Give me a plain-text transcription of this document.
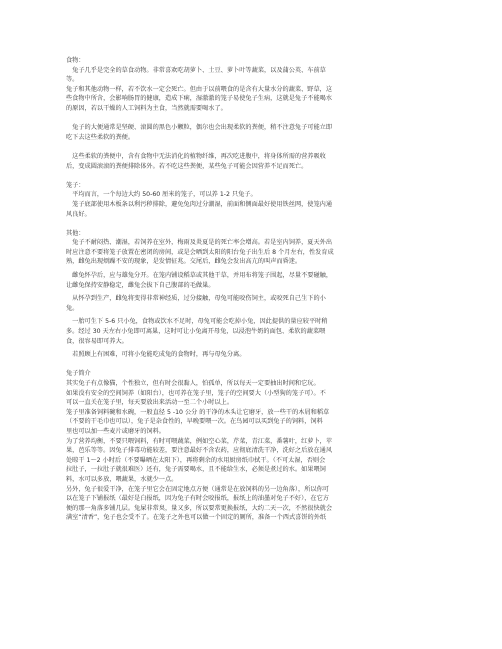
食物：
　兔子几乎是完全的草食动物。非常喜欢吃胡萝卜、土豆、萝卜叶等蔬菜，以及蒲公英、车前草
等。
兔子和其他动物一样，若不饮水一定会死亡。但由于以前喂食的是含有大量水分的蔬菜、野草，这
些食物中所含，会影响肠胃的健康，造成下痢，湿澈澈的笼子易使兔子生病，这就是兔子不能喝水
的原因，若以干燥的人工饲料为主食，当然就需要喝水了。
　兔子的大便通常是坚硬、滚圆的黑色小颗粒，偶尔也会出现柔软的粪便，稍不注意兔子可能立即
吃下去这些柔软的粪便。
　这些柔软的粪便中，含有食物中无法消化的植物纤维，再次吃进腹中，将身体所需的营养吸收
后，变成圆滚滚的粪便排除体外。若不吃这些粪便，某些兔子可能会因营养不足而死亡。
笼子：
　平均而言，一个每边大约 50-60 厘米的笼子，可以养 1-2 只兔子。
　笼子底部使用木板条以利污秽排除，避免兔肉过分潮湿，前面和侧面最好使用铁丝网，使笼内通
风良好。
其他：
　兔子不耐闷热、潮湿，若饲养在室外，梅雨及炎夏是的死亡率会增高。若是室内饲养，夏天外出
时应注意不要将笼子放置在密闭的房间，或是会晒到太阳的阳台兔子出生后 8 个月左右，性发育成
熟，雌兔出现烦躁不安的现象，是发情征兆。交尾后，雌兔会发出高亢的叫声而昏迷。
　雌兔怀孕后，应与雄兔分开。在笼内铺设稻草或其他干草，并用布将笼子围起，尽量不要碰触，
让雌兔保持安静稳定，雌兔会拔下自己腹部的毛做巢。
　从怀孕到生产，雌兔将变得非常神经质，过分接触，母兔可能咬伤饲主，或咬死自己生下的小
兔。
　一胎可生下 5-6 只小兔，食物或饮水不足时，母兔可能会吃掉小兔，因此提供的量应较平时稍
多。经过 30 天左右小兔即可离巢，这时可让小兔离开母兔，以浸泡牛奶的面包、柔软的蔬菜喂
食，很容易即可养大。
　若照顾上有困难，可将小兔能吃成兔的食物时，再与母兔分离。
兔子简介
其实兔子有点像猫，个性独立，但有时会很黏人，怕孤单，所以每天一定要抽出时间和它玩。
如果没有安全的空间饲养（如阳台），也可养在笼子里，笼子的空间要大（小型狗的笼子可）。不
可以一直关在笼子里，每天要放出来活动一至二个小时以上。
笼子里准备饲料碗和水碗，一般直径 5 -10 公分 的干净的木头让它磨牙，放一些干的木屑和稻草
（不要的干毛巾也可以），兔子是杂食性的，早晚要喂一次。在鸟园可以买到兔子的饲料，饲料
里也可以加一些麦片或磨牙的饲料。
为了营养均衡，不要只喂饲料，有时可喂蔬菜，例如空心菜，芹菜，青江菜，番薯叶，红萝卜，苹
果，芭乐等等。因兔子排毒功能较差，要注意最好不含农药，应彻底清洗干净，洗好之后放在通风
处晾干 1～2 小时后（不要曝晒在太阳下），再将剩余的水用厨房纸巾拭干。（不可太湿，否则会
拉肚子，一拉肚子就很难医）还有，兔子需要喝水，且不能给生水，必须是煮过的水。如果喂饲
料，水可以多放，喂蔬果，水就少一点。
另外，兔子很爱干净，在笼子里它会在固定地点方便（通常是在放饲料的另一边角落），所以你可
以在笼子下铺报纸（最好是白报纸，因为兔子有时会咬报纸，报纸上的油墨对兔子不好），在它方
便的那一角落多铺几层。兔屎非常臭，量又多，所以要常更换报纸，大约二天一次，不然很快就会
满室“清香”，兔子也会受不了。在笼子之外也可以做一个固定的厕所，准备一个西式喜饼的外纸
